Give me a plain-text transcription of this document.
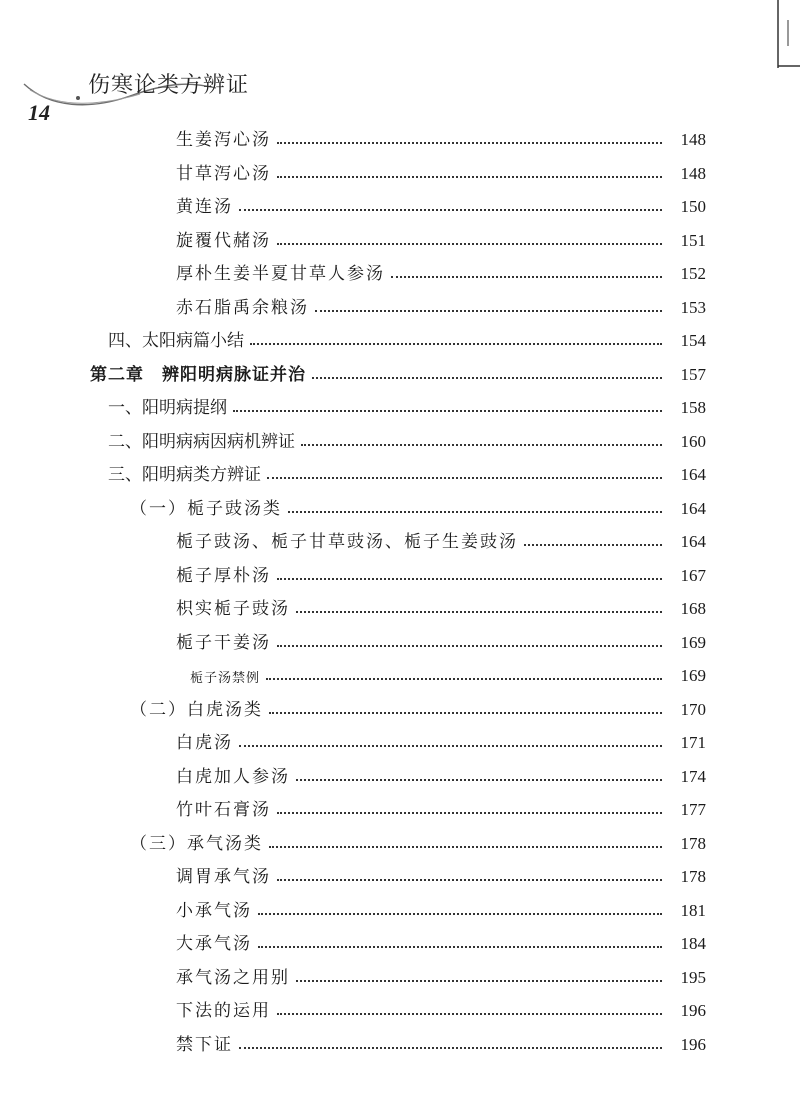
伤寒论类方辨证
14
生姜泻心汤	148
甘草泻心汤	148
黄连汤	150
旋覆代赭汤	151
厚朴生姜半夏甘草人参汤	152
赤石脂禹余粮汤	153
四、太阳病篇小结	154
第二章　辨阳明病脉证并治	157
一、阳明病提纲	158
二、阳明病病因病机辨证	160
三、阳明病类方辨证	164
（一）栀子豉汤类	164
栀子豉汤、栀子甘草豉汤、栀子生姜豉汤	164
栀子厚朴汤	167
枳实栀子豉汤	168
栀子干姜汤	169
栀子汤禁例	169
（二）白虎汤类	170
白虎汤	171
白虎加人参汤	174
竹叶石膏汤	177
（三）承气汤类	178
调胃承气汤	178
小承气汤	181
大承气汤	184
承气汤之用别	195
下法的运用	196
禁下证	196
